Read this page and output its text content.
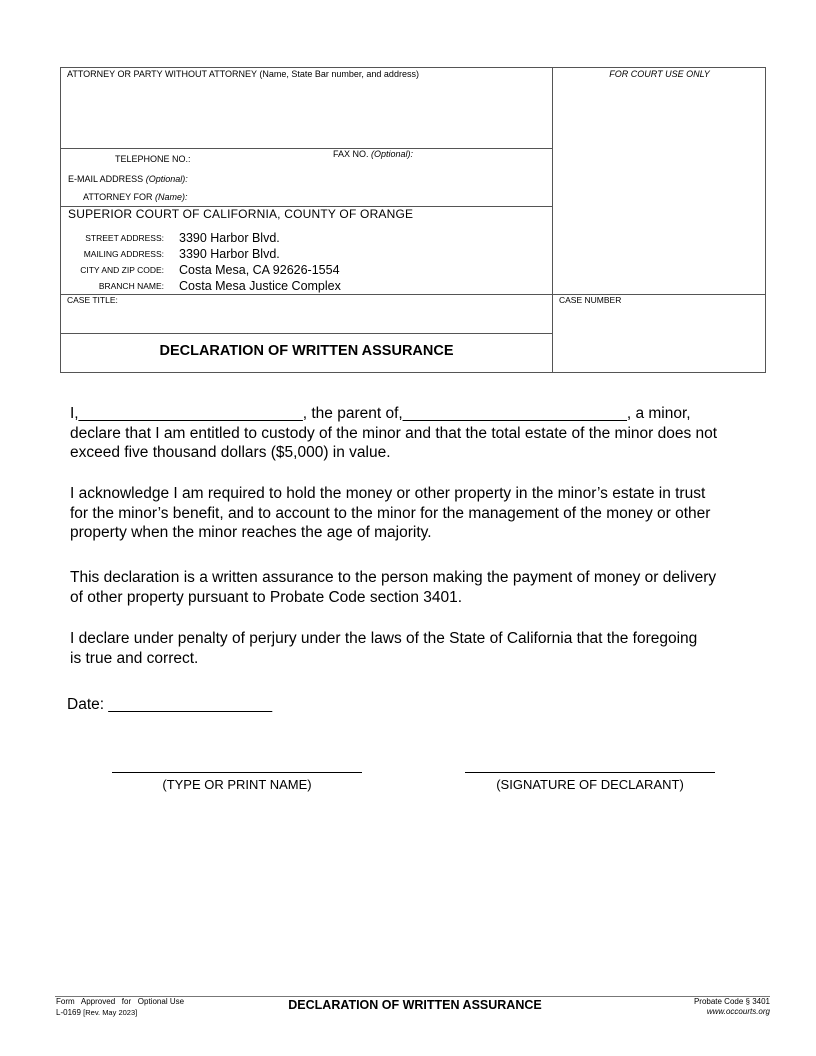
ATTORNEY OR PARTY WITHOUT ATTORNEY (Name, State Bar number, and address)	FOR COURT USE ONLY
TELEPHONE NO.:	FAX NO. (Optional):
E-MAIL ADDRESS (Optional):
ATTORNEY FOR (Name):
SUPERIOR COURT OF CALIFORNIA, COUNTY OF ORANGE
STREET ADDRESS: 3390 Harbor Blvd.
MAILING ADDRESS: 3390 Harbor Blvd.
CITY AND ZIP CODE: Costa Mesa, CA 92626-1554
BRANCH NAME: Costa Mesa Justice Complex
CASE TITLE:	CASE NUMBER
DECLARATION OF WRITTEN ASSURANCE
I,__________________________, the parent of,__________________________, a minor,
declare that I am entitled to custody of the minor and that the total estate of the minor does not
exceed five thousand dollars ($5,000) in value.
I acknowledge I am required to hold the money or other property in the minor’s estate in trust
for the minor’s benefit, and to account to the minor for the management of the money or other
property when the minor reaches the age of majority.
This declaration is a written assurance to the person making the payment of money or delivery
of other property pursuant to Probate Code section 3401.
I declare under penalty of perjury under the laws of the State of California that the foregoing
is true and correct.
Date: ___________________
(TYPE OR PRINT NAME)	(SIGNATURE OF DECLARANT)
Form   Approved   for   Optional Use
L-0169 [Rev. May 2023]
DECLARATION OF WRITTEN ASSURANCE	Probate Code § 3401
www.occourts.org
